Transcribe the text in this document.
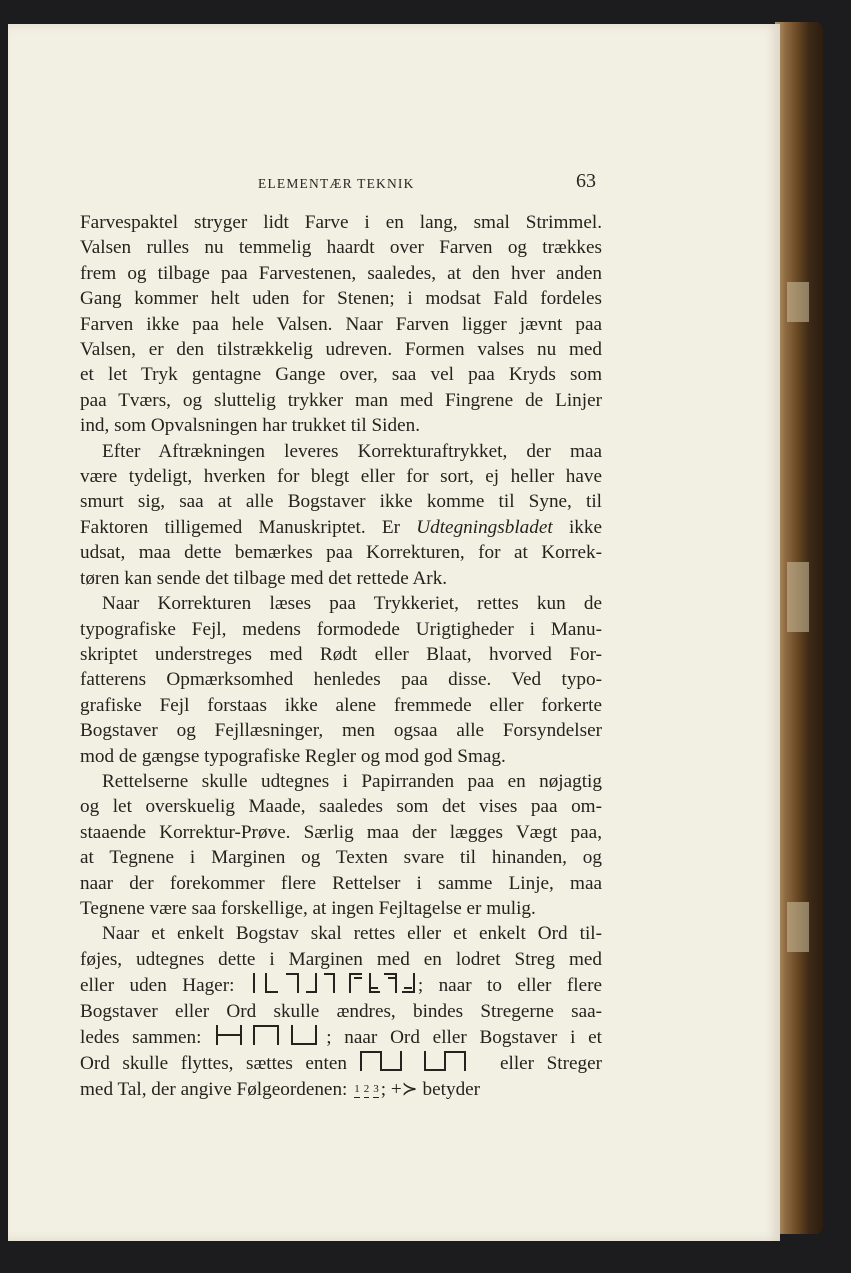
ELEMENTÆR TEKNIK	63

Farvespaktel stryger lidt Farve i en lang, smal Strimmel.

Valsen rulles nu temmelig haardt over Farven og trækkes

frem og tilbage paa Farvestenen, saaledes, at den hver anden

Gang kommer helt uden for Stenen; i modsat Fald fordeles

Farven ikke paa hele Valsen. Naar Farven ligger jævnt paa

Valsen, er den tilstrækkelig udreven. Formen valses nu med

et let Tryk gentagne Gange over, saa vel paa Kryds som

paa Tværs, og sluttelig trykker man med Fingrene de Linjer

ind, som Opvalsningen har trukket til Siden.

Efter Aftrækningen leveres Korrekturaftrykket, der maa

være tydeligt, hverken for blegt eller for sort, ej heller have

smurt sig, saa at alle Bogstaver ikke komme til Syne, til

Faktoren tilligemed Manuskriptet. Er Udtegningsbladet ikke

udsat, maa dette bemærkes paa Korrekturen, for at Korrek-

tøren kan sende det tilbage med det rettede Ark.

Naar Korrekturen læses paa Trykkeriet, rettes kun de

typografiske Fejl, medens formodede Urigtigheder i Manu-

skriptet understreges med Rødt eller Blaat, hvorved For-

fatterens Opmærksomhed henledes paa disse. Ved typo-

grafiske Fejl forstaas ikke alene fremmede eller forkerte

Bogstaver og Fejllæsninger, men ogsaa alle Forsyndelser

mod de gængse typografiske Regler og mod god Smag.

Rettelserne skulle udtegnes i Papirranden paa en nøjagtig

og let overskuelig Maade, saaledes som det vises paa om-

staaende Korrektur-Prøve. Særlig maa der lægges Vægt paa,

at Tegnene i Marginen og Texten svare til hinanden, og

naar der forekommer flere Rettelser i samme Linje, maa

Tegnene være saa forskellige, at ingen Fejltagelse er mulig.

Naar et enkelt Bogstav skal rettes eller et enkelt Ord til-

føjes, udtegnes dette i Marginen med en lodret Streg med

eller uden Hager:	; naar to eller flere

Bogstaver eller Ord skulle ændres, bindes Stregerne saa-

ledes sammen:	; naar Ord eller Bogstaver i et

Ord skulle flyttes, sættes enten	eller Streger

med Tal, der angive Følgeordenen: 1 2 3 ; +≻ betyder
